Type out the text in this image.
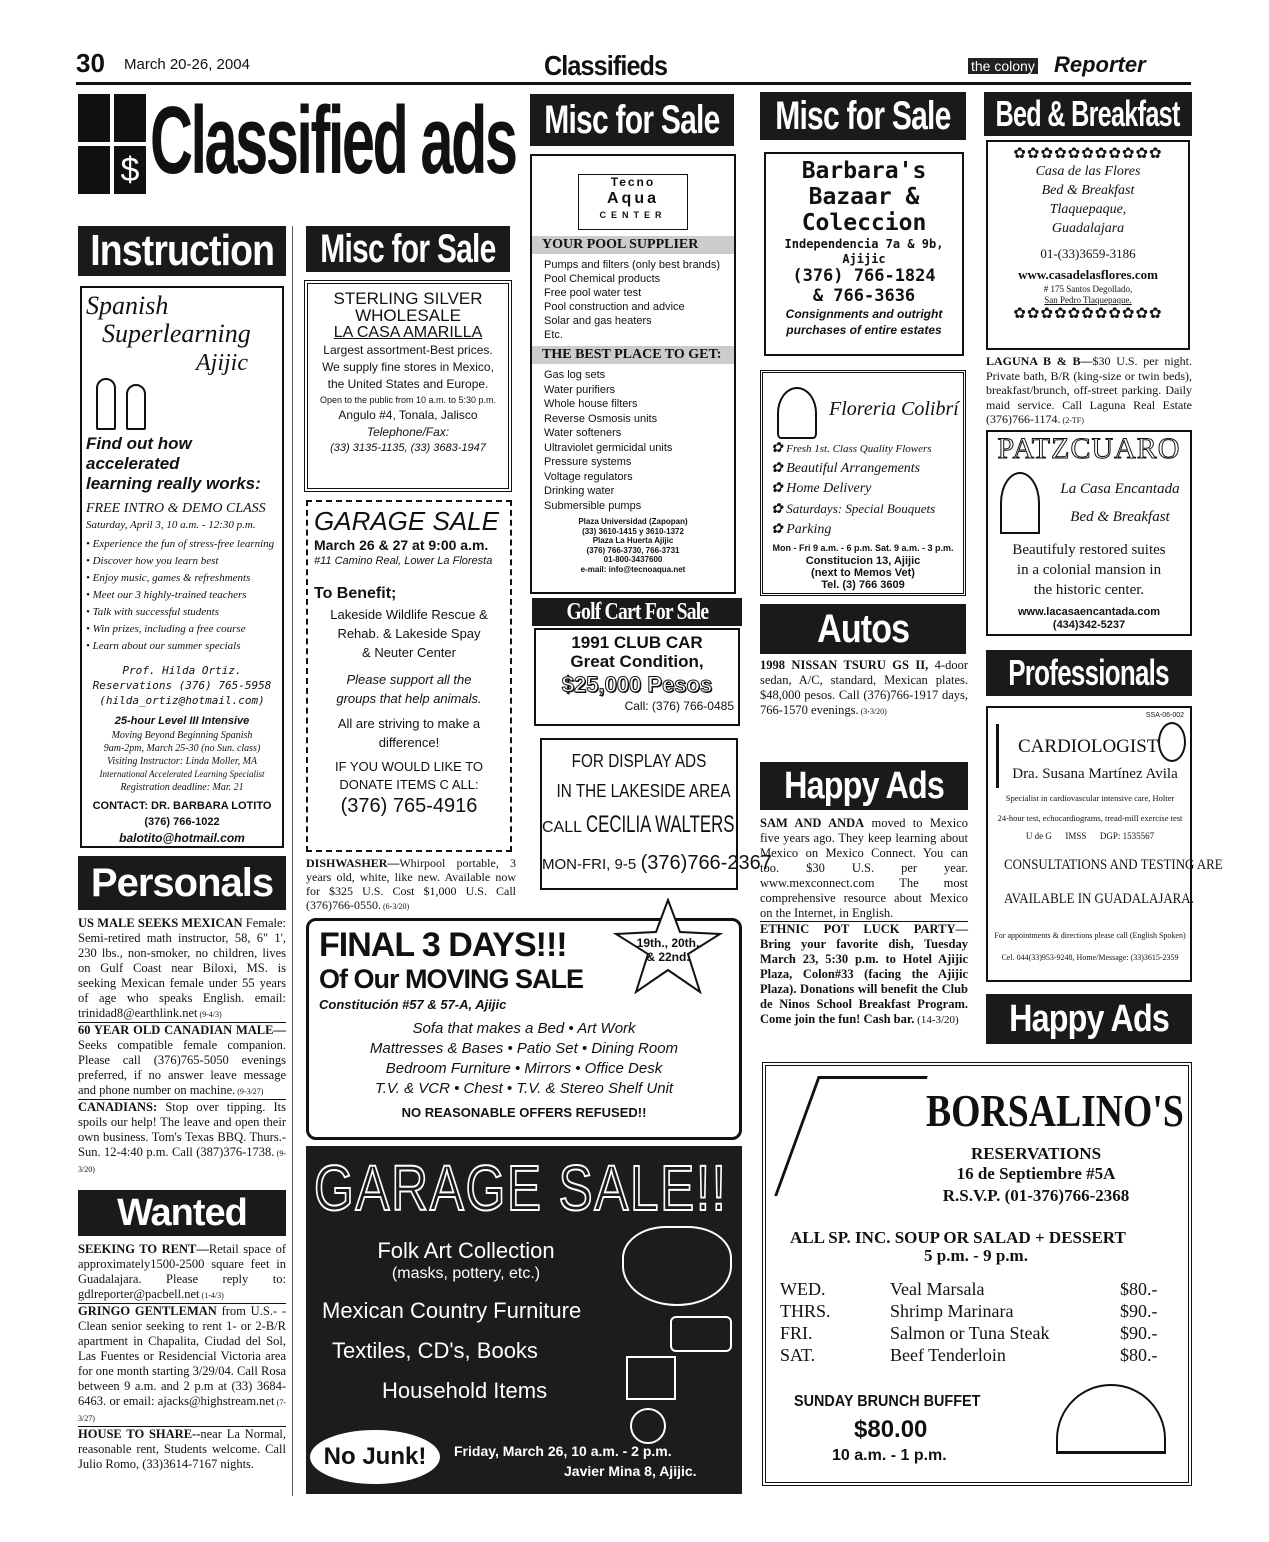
30 March 20-26, 2004	Classifieds	the colony Reporter
$ Classified ads
Instruction
Spanish
Superlearning
Ajijic
Find out how accelerated
learning really works:
FREE INTRO & DEMO CLASS
Saturday, April 3, 10 a.m. - 12:30 p.m.
• Experience the fun of stress-free learning
• Discover how you learn best
• Enjoy music, games & refreshments
• Meet our 3 highly-trained teachers
• Talk with successful students
• Win prizes, including a free course
• Learn about our summer specials
Prof. Hilda Ortiz.
Reservations (376) 765-5958
(hilda_ortiz@hotmail.com)
25-hour Level III Intensive
Moving Beyond Beginning Spanish
9am-2pm, March 25-30 (no Sun. class)
Visiting Instructor: Linda Moller, MA
International Accelerated Learning Specialist
Registration deadline: Mar. 21
CONTACT: DR. BARBARA LOTITO
(376) 766-1022
balotito@hotmail.com
Personals

US MALE SEEKS MEXICAN Female: Semi-retired math instructor, 58, 6" 1', 230 lbs., non-smoker, no children, lives on Gulf Coast near Biloxi, MS. is seeking Mexican female under 55 years of age who speaks English. email: trinidad8@earthlink.net (9-4/3)

60 YEAR OLD CANADIAN MALE— Seeks compatible female companion. Please call (376)765-5050 evenings preferred, if no answer leave message and phone number on machine. (9-3/27)

CANADIANS: Stop over tipping. Its spoils our help! The leave and open their own business. Tom's Texas BBQ. Thurs.-Sun. 12-4:40 p.m. Call (387)376-1738. (9-3/20)

Wanted

SEEKING TO RENT—Retail space of approximately1500-2500 square feet in Guadalajara. Please reply to: gdlreporter@pacbell.net (1-4/3)

GRINGO GENTLEMAN from U.S.- -Clean senior seeking to rent 1- or 2-B/R apartment in Chapalita, Ciudad del Sol, Las Fuentes or Residencial Victoria area for one month starting 3/29/04. Call Rosa between 9 a.m. and 2 p.m at (33) 3684-6463. or email: ajacks@highstream.net (7-3/27)

HOUSE TO SHARE--near La Normal, reasonable rent, Students welcome. Call Julio Romo, (33)3614-7167 nights.

Misc for Sale
STERLING SILVER
WHOLESALE
LA CASA AMARILLA
Largest assortment-Best prices.
We supply fine stores in Mexico,
the United States and Europe.
Open to the public from 10 a.m. to 5:30 p.m.
Angulo #4, Tonala, Jalisco
Telephone/Fax:
(33) 3135-1135, (33) 3683-1947
GARAGE SALE
March 26 & 27 at 9:00 a.m.
#11 Camino Real, Lower La Floresta
To Benefit;
Lakeside Wildlife Rescue &
Rehab. & Lakeside Spay
& Neuter Center
Please support all the
groups that help animals.
All are striving to make a
difference!
IF YOU WOULD LIKE TO
DONATE ITEMS C ALL:
(376) 765-4916
DISHWASHER—Whirpool portable, 3 years old, white, like new. Available now for $325 U.S. Cost $1,000 U.S. Call (376)766-0550. (6-3/20)
Misc for Sale
Tecno
Aqua
CENTER
YOUR POOL SUPPLIER
Pumps and filters (only best brands)
Pool Chemical products
Free pool water test
Pool construction and advice
Solar and gas heaters
Etc.
THE BEST PLACE TO GET:
Gas log sets
Water purifiers
Whole house filters
Reverse Osmosis units
Water softeners
Ultraviolet germicidal units
Pressure systems
Voltage regulators
Drinking water
Submersible pumps
Plaza Universidad (Zapopan)
(33) 3610-1415 y 3610-1372
Plaza La Huerta Ajijic
(376) 766-3730, 766-3731
01-800-3437600
e-mail: info@tecnoaqua.net
Golf Cart For Sale
1991 CLUB CAR
Great Condition,
$25,000 Pesos
Call: (376) 766-0485
FOR DISPLAY ADS
IN THE LAKESIDE AREA
CALL CECILIA WALTERS
MON-FRI, 9-5 (376)766-2367
FINAL 3 DAYS!!!
Of Our MOVING SALE
Constitución #57 & 57-A, Ajijic
Sofa that makes a Bed • Art Work
Mattresses & Bases • Patio Set • Dining Room
Bedroom Furniture • Mirrors • Office Desk
T.V. & VCR • Chest • T.V. & Stereo Shelf Unit
NO REASONABLE OFFERS REFUSED!!
19th., 20th.
& 22nd.
GARAGE SALE!!
Folk Art Collection
(masks, pottery, etc.)
Mexican Country Furniture
Textiles, CD's, Books
Household Items
No Junk!	Friday, March 26, 10 a.m. - 2 p.m.
Javier Mina 8, Ajijic.
Misc for Sale
Barbara's
Bazaar &
Coleccion
Independencia 7a & 9b,
Ajijic
(376) 766-1824
& 766-3636
Consignments and outright
purchases of entire estates
Floreria Colibrí
✿ Fresh 1st. Class Quality Flowers
✿ Beautiful Arrangements
✿ Home Delivery
✿ Saturdays: Special Bouquets
✿ Parking
Mon - Fri 9 a.m. - 6 p.m. Sat. 9 a.m. - 3 p.m.
Constitucion 13, Ajijic
(next to Memos Vet)
Tel. (3) 766 3609
Autos
1998 NISSAN TSURU GS II, 4-door sedan, A/C, standard, Mexican plates. $48,000 pesos. Call (376)766-1917 days, 766-1570 evenings. (3-3/20)
Happy Ads

SAM AND ANDA moved to Mexico five years ago. They keep learning about Mexico on Mexico Connect. You can too. $30 U.S. per year. www.mexconnect.com The most comprehensive resource about Mexico on the Internet, in English.

ETHNIC POT LUCK PARTY— Bring your favorite dish, Tuesday March 23, 5:30 p.m. to Hotel Ajijic Plaza, Colon#33 (facing the Ajijic Plaza). Donations will benefit the Club de Ninos School Breakfast Program. Come join the fun! Cash bar. (14-3/20)

Bed & Breakfast
✿✿✿✿✿✿✿✿✿✿✿
Casa de las Flores
Bed & Breakfast
Tlaquepaque,
Guadalajara
01-(33)3659-3186
www.casadelasflores.com
# 175 Santos Degollado,
San Pedro Tlaquepaque.
✿✿✿✿✿✿✿✿✿✿✿
LAGUNA B & B—$30 U.S. per night. Private bath, B/R (king-size or twin beds), breakfast/brunch, off-street parking. Daily maid service. Call Laguna Real Estate (376)766-1174. (2-TF)
PATZCUARO
La Casa Encantada
Bed & Breakfast
Beautifuly restored suites
in a colonial mansion in
the historic center.
www.lacasaencantada.com
(434)342-5237
Professionals
SSA-06-002
CARDIOLOGIST
Dra. Susana Martínez Avila
Specialist in cardiovascular intensive care, Holter
24-hour test, echocardiograms, tread-mill exercise test
U de G      IMSS      DGP: 1535567
CONSULTATIONS AND TESTING ARE
AVAILABLE IN GUADALAJARA.
For appointments & directions please call (English Spoken)
Cel. 044(33)953-9248, Home/Message: (33)3615-2359
Happy Ads
BORSALINO'S
RESERVATIONS
16 de Septiembre #5A
R.S.V.P. (01-376)766-2368
ALL SP. INC. SOUP OR SALAD + DESSERT
5 p.m. - 9 p.m.
WED.	Veal Marsala	$80.-
THRS.	Shrimp Marinara	$90.-
FRI.	Salmon or Tuna Steak	$90.-
SAT.	Beef Tenderloin	$80.-
SUNDAY BRUNCH BUFFET
$80.00
10 a.m. - 1 p.m.
